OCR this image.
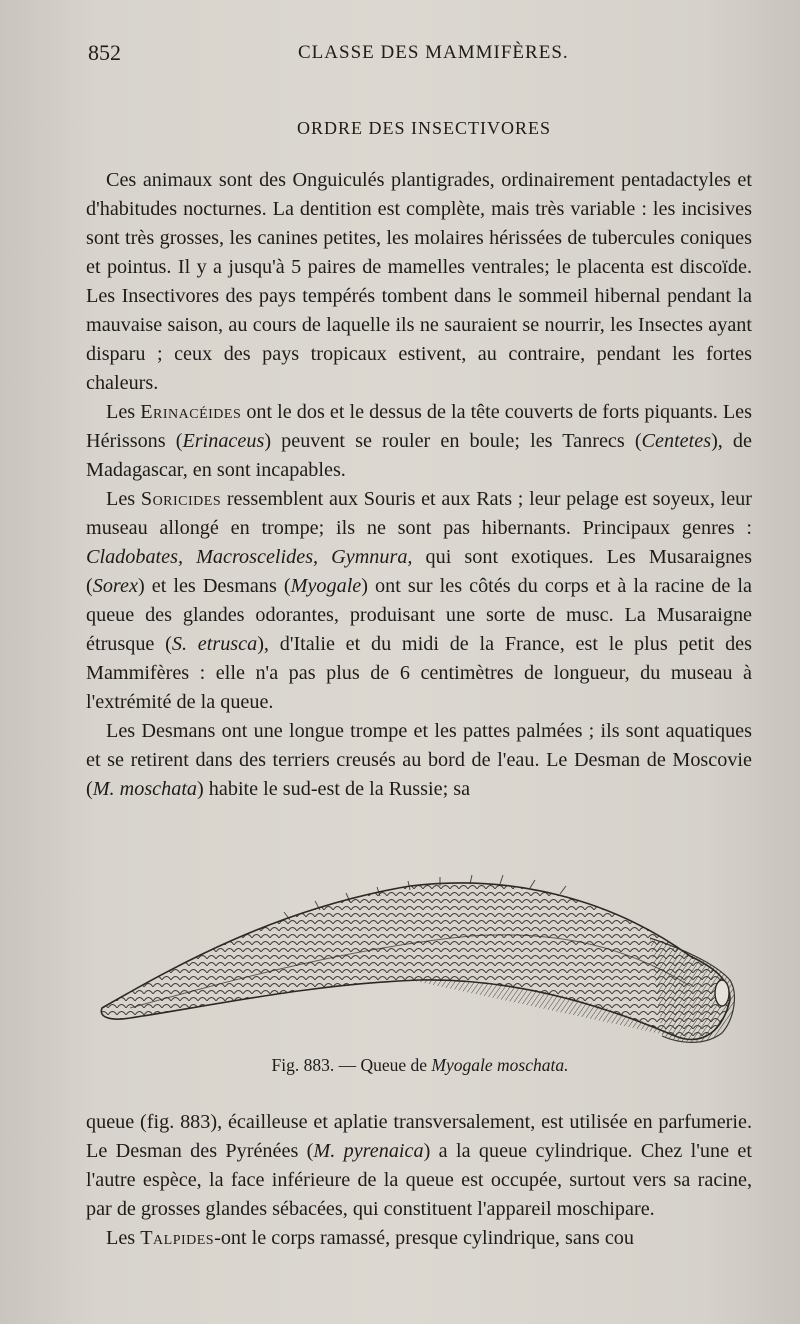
852	CLASSE DES MAMMIFÈRES.
ORDRE DES INSECTIVORES

Ces animaux sont des Onguiculés plantigrades, ordinairement pentadactyles et d'habitudes nocturnes. La dentition est complète, mais très variable : les incisives sont très grosses, les canines petites, les molaires hérissées de tubercules coniques et pointus. Il y a jusqu'à 5 paires de mamelles ventrales; le placenta est discoïde. Les Insectivores des pays tempérés tombent dans le sommeil hibernal pendant la mauvaise saison, au cours de laquelle ils ne sauraient se nourrir, les Insectes ayant disparu ; ceux des pays tropicaux estivent, au contraire, pendant les fortes chaleurs.

Les Erinacéides ont le dos et le dessus de la tête couverts de forts piquants. Les Hérissons (Erinaceus) peuvent se rouler en boule; les Tanrecs (Centetes), de Madagascar, en sont incapables.

Les Soricides ressemblent aux Souris et aux Rats ; leur pelage est soyeux, leur museau allongé en trompe; ils ne sont pas hibernants. Principaux genres : Cladobates, Macroscelides, Gymnura, qui sont exotiques. Les Musaraignes (Sorex) et les Desmans (Myogale) ont sur les côtés du corps et à la racine de la queue des glandes odorantes, produisant une sorte de musc. La Musaraigne étrusque (S. etrusca), d'Italie et du midi de la France, est le plus petit des Mammifères : elle n'a pas plus de 6 centimètres de longueur, du museau à l'extrémité de la queue.

Les Desmans ont une longue trompe et les pattes palmées ; ils sont aquatiques et se retirent dans des terriers creusés au bord de l'eau. Le Desman de Moscovie (M. moschata) habite le sud-est de la Russie; sa

Fig. 883. — Queue de Myogale moschata.

queue (fig. 883), écailleuse et aplatie transversalement, est utilisée en parfumerie. Le Desman des Pyrénées (M. pyrenaica) a la queue cylindrique. Chez l'une et l'autre espèce, la face inférieure de la queue est occupée, surtout vers sa racine, par de grosses glandes sébacées, qui constituent l'appareil moschipare.

Les Talpides-ont le corps ramassé, presque cylindrique, sans cou
